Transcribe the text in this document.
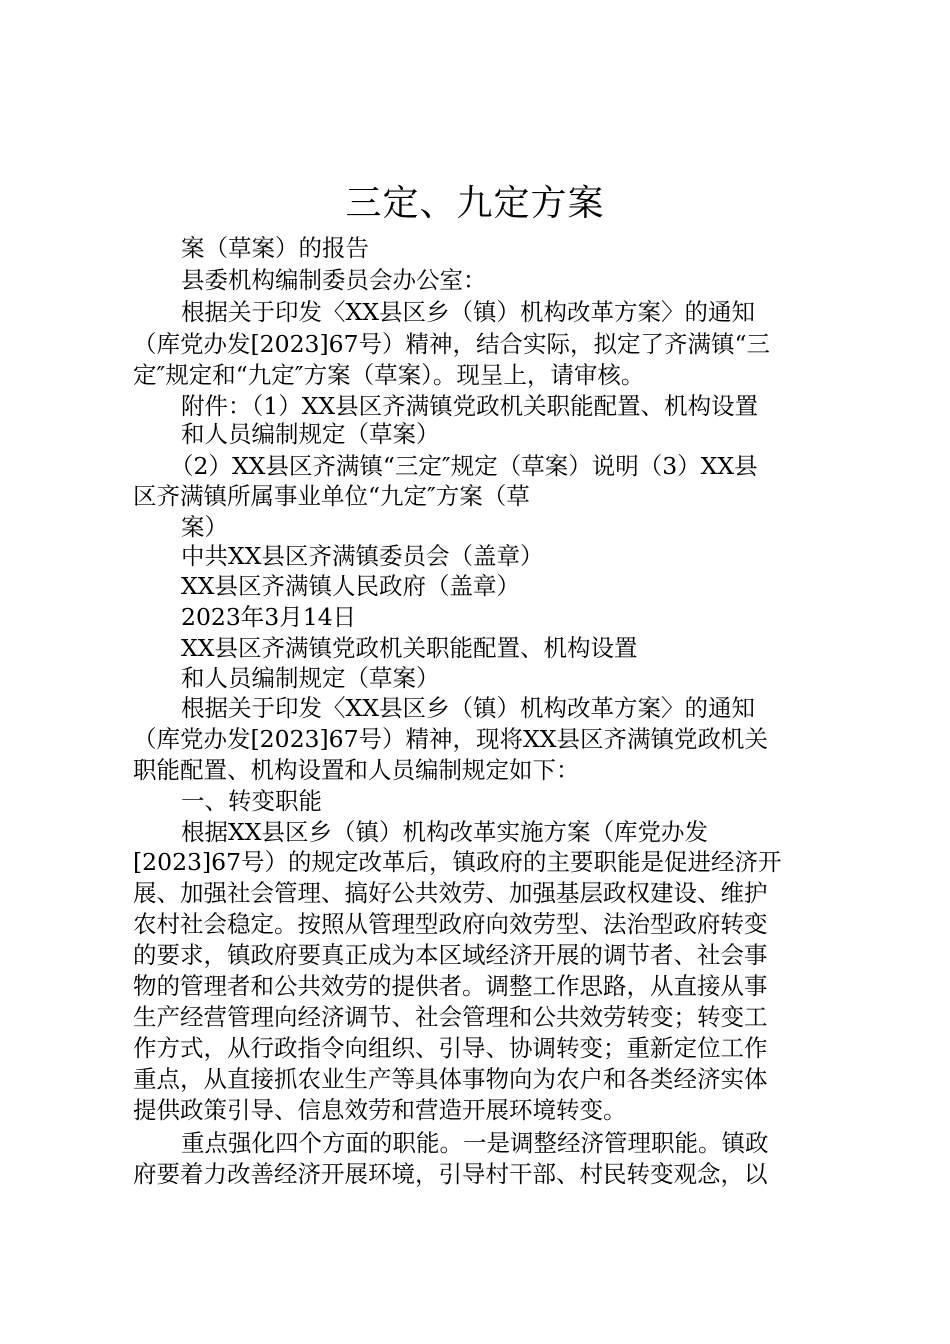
三定、九定方案
案（草案）的报告
县委机构编制委员会办公室：
根据关于印发〈XX县区乡（镇）机构改革方案〉的通知
（库党办发[2023]67号）精神，结合实际，拟定了齐满镇“三
定″规定和“九定″方案（草案）。现呈上，请审核。
附件：（1）XX县区齐满镇党政机关职能配置、机构设置
和人员编制规定（草案）
（2）XX县区齐满镇“三定″规定（草案）说明（3）XX县
区齐满镇所属事业单位“九定″方案（草
案）
中共XX县区齐满镇委员会（盖章）
XX县区齐满镇人民政府（盖章）
2023年3月14日
XX县区齐满镇党政机关职能配置、机构设置
和人员编制规定（草案）
根据关于印发〈XX县区乡（镇）机构改革方案〉的通知
（库党办发[2023]67号）精神，现将XX县区齐满镇党政机关
职能配置、机构设置和人员编制规定如下：
一、转变职能
根据XX县区乡（镇）机构改革实施方案（库党办发
[2023]67号）的规定改革后，镇政府的主要职能是促进经济开
展、加强社会管理、搞好公共效劳、加强基层政权建设、维护
农村社会稳定。按照从管理型政府向效劳型、法治型政府转变
的要求，镇政府要真正成为本区域经济开展的调节者、社会事
物的管理者和公共效劳的提供者。调整工作思路，从直接从事
生产经营管理向经济调节、社会管理和公共效劳转变；转变工
作方式，从行政指令向组织、引导、协调转变；重新定位工作
重点，从直接抓农业生产等具体事物向为农户和各类经济实体
提供政策引导、信息效劳和营造开展环境转变。
重点强化四个方面的职能。一是调整经济管理职能。镇政
府要着力改善经济开展环境，引导村干部、村民转变观念，以
